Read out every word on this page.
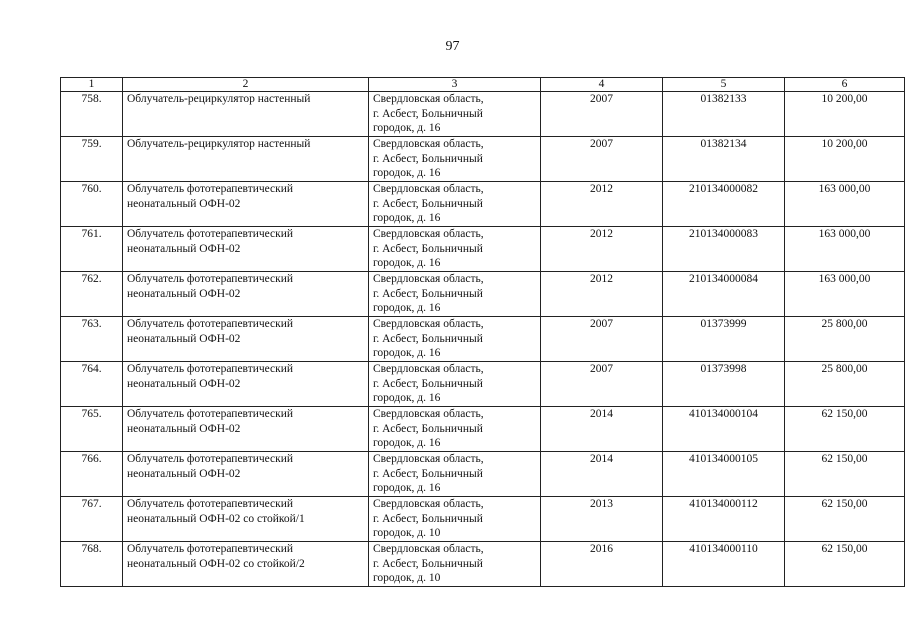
97
1	2	3	4	5	6
758.	Облучатель-рециркулятор настенный	Свердловская область,
г. Асбест, Больничный
городок, д. 16	2007	01382133	10 200,00
759.	Облучатель-рециркулятор настенный	Свердловская область,
г. Асбест, Больничный
городок, д. 16	2007	01382134	10 200,00
760.	Облучатель фототерапевтический
неонатальный ОФН-02	Свердловская область,
г. Асбест, Больничный
городок, д. 16	2012	210134000082	163 000,00
761.	Облучатель фототерапевтический
неонатальный ОФН-02	Свердловская область,
г. Асбест, Больничный
городок, д. 16	2012	210134000083	163 000,00
762.	Облучатель фототерапевтический
неонатальный ОФН-02	Свердловская область,
г. Асбест, Больничный
городок, д. 16	2012	210134000084	163 000,00
763.	Облучатель фототерапевтический
неонатальный ОФН-02	Свердловская область,
г. Асбест, Больничный
городок, д. 16	2007	01373999	25 800,00
764.	Облучатель фототерапевтический
неонатальный ОФН-02	Свердловская область,
г. Асбест, Больничный
городок, д. 16	2007	01373998	25 800,00
765.	Облучатель фототерапевтический
неонатальный ОФН-02	Свердловская область,
г. Асбест, Больничный
городок, д. 16	2014	410134000104	62 150,00
766.	Облучатель фототерапевтический
неонатальный ОФН-02	Свердловская область,
г. Асбест, Больничный
городок, д. 16	2014	410134000105	62 150,00
767.	Облучатель фототерапевтический
неонатальный ОФН-02 со стойкой/1	Свердловская область,
г. Асбест, Больничный
городок, д. 10	2013	410134000112	62 150,00
768.	Облучатель фототерапевтический
неонатальный ОФН-02 со стойкой/2	Свердловская область,
г. Асбест, Больничный
городок, д. 10	2016	410134000110	62 150,00
